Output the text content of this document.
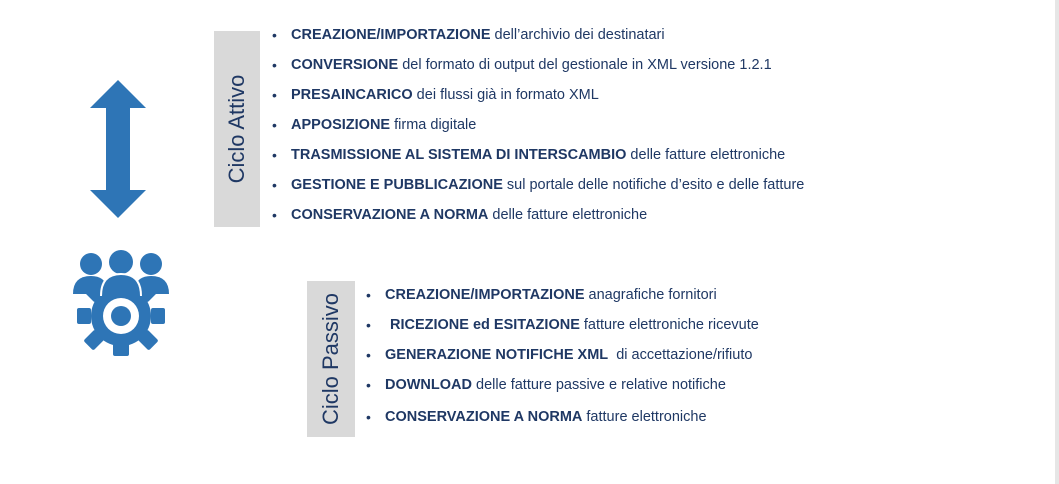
Ciclo Attivo
• CREAZIONE/IMPORTAZIONE dell’archivio dei destinatari
• CONVERSIONE del formato di output del gestionale in XML versione 1.2.1
• PRESAINCARICO dei flussi già in formato XML
• APPOSIZIONE firma digitale
• TRASMISSIONE AL SISTEMA DI INTERSCAMBIO delle fatture elettroniche
• GESTIONE E PUBBLICAZIONE sul portale delle notifiche d’esito e delle fatture
• CONSERVAZIONE A NORMA delle fatture elettroniche
Ciclo Passivo • CREAZIONE/IMPORTAZIONE anagrafiche fornitori
• RICEZIONE ed ESITAZIONE fatture elettroniche ricevute
• GENERAZIONE NOTIFICHE XML  di accettazione/rifiuto
• DOWNLOAD delle fatture passive e relative notifiche
• CONSERVAZIONE A NORMA fatture elettroniche
